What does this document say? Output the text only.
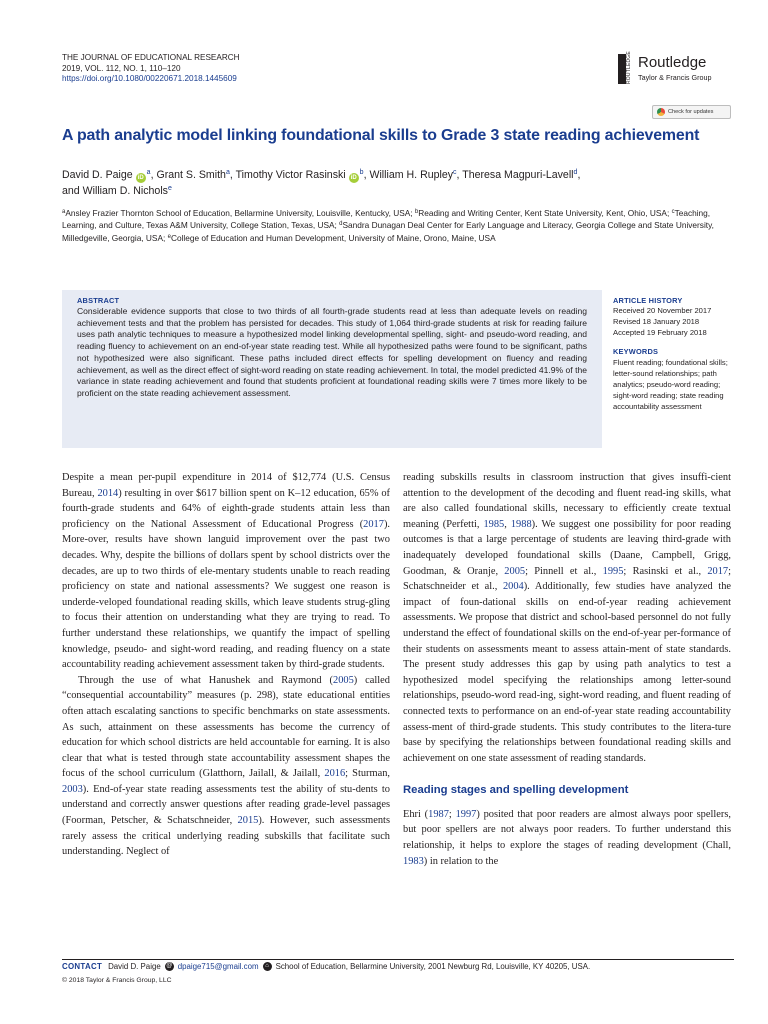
THE JOURNAL OF EDUCATIONAL RESEARCH
2019, VOL. 112, NO. 1, 110–120
https://doi.org/10.1080/00220671.2018.1445609	ROUTLEDGE Routledge
Taylor & Francis Group
Check for updates
A path analytic model linking foundational skills to Grade 3 state reading achievement
David D. Paige $iD^a$, Grant S. Smith$^a$, Timothy Victor Rasinski $iD^b$, William H. Rupley$^c$, Theresa Magpuri-Lavell$^d$,
and William D. Nichols$^e$
$^a$Ansley Frazier Thornton School of Education, Bellarmine University, Louisville, Kentucky, USA; $^b$Reading and Writing Center, Kent State University, Kent, Ohio, USA; $^c$Teaching, Learning, and Culture, Texas A&M University, College Station, Texas, USA; $^d$Sandra Dunagan Deal Center for Early Language and Literacy, Georgia College and State University, Milledgeville, Georgia, USA; $^e$College of Education and Human Development, University of Maine, Orono, Maine, USA
ABSTRACT
Considerable evidence supports that close to two thirds of all fourth-grade students read at less than adequate levels on reading achievement tests and that the problem has persisted for decades. This study of 1,064 third-grade students at risk for reading failure uses path analytic techniques to measure a hypothesized model linking developmental spelling, sight- and pseudo-word reading, and reading fluency to achievement on an end-of-year state reading test. While all hypothesized paths were found to be significant, paths not hypothesized were also significant. These paths included direct effects for spelling development on fluency and reading achievement, as well as the direct effect of sight-word reading on state reading achievement. In total, the model predicted 41.9% of the variance in state reading achievement and found that students proficient at foundational reading skills were 7 times more likely to be proficient on the state reading achievement assessment.
ARTICLE HISTORY
Received 20 November 2017
Revised 18 January 2018
Accepted 19 February 2018
KEYWORDS
Fluent reading; foundational skills; letter-sound relationships; path analytics; pseudo-word reading; sight-word reading; state reading accountability assessment

Despite a mean per-pupil expenditure in 2014 of $12,774 (U.S. Census Bureau, 2014) resulting in over $617 billion spent on K–12 education, 65% of fourth-grade students and 64% of eighth-grade students attain less than proficiency on the National Assessment of Educational Progress (2017). More-over, results have shown languid improvement over the past two decades. Why, despite the billions of dollars spent by school districts over the decades, are up to two thirds of ele-mentary students unable to reach reading proficiency on state and national assessments? We suggest one reason is underde-veloped foundational reading skills, which leave students strug-gling to focus their attention on understanding what they are trying to read. To further understand these relationships, we quantify the impact of spelling knowledge, pseudo- and sight-word reading, and reading fluency on a state accountability reading achievement assessment taken by third-grade students.

Through the use of what Hanushek and Raymond (2005) called “consequential accountability” measures (p. 298), state educational entities often attach escalating sanctions to specific benchmarks on state assessments. As such, attainment on these assessments has become the currency of education for which school districts are held accountable for earning. It is also clear that what is tested through state accountability assessment shapes the focus of the school curriculum (Glatthorn, Jailall, & Jailall, 2016; Sturman, 2003). End-of-year state reading assessments test the ability of stu-dents to understand and correctly answer questions after reading grade-level passages (Foorman, Petscher, & Schatschneider, 2015). However, such assessments rarely assess the critical underlying reading subskills that facilitate such understanding. Neglect of

reading subskills results in classroom instruction that gives insuffi-cient attention to the development of the decoding and fluent read-ing skills, what are also called foundational skills, necessary to efficiently create textual meaning (Perfetti, 1985, 1988). We suggest one possibility for poor reading outcomes is that a large percentage of students are leaving third-grade with inadequately developed foundational skills (Daane, Campbell, Grigg, Goodman, & Oranje, 2005; Pinnell et al., 1995; Rasinski et al., 2017; Schatschneider et al., 2004). Additionally, few studies have analyzed the impact of foun-dational skills on end-of-year reading achievement assessments. We propose that district and school-based personnel do not fully understand the effect of foundational skills on the end-of-year per-formance of their students on assessments meant to assess attain-ment of state standards. The present study addresses this gap by using path analytics to test a hypothesized model specifying the relationships among letter-sound relationships, pseudo-word read-ing, sight-word reading, and fluent reading of connected texts to performance on an end-of-year state reading accountability assess-ment of third-grade students. This study contributes to the litera-ture base by specifying the relationships between foundational reading skills and achievement on one state assessment of reading standards.

Reading stages and spelling development

Ehri (1987; 1997) posited that poor readers are almost always poor spellers, but poor spellers are not always poor readers. To further understand this relationship, it helps to explore the stages of reading development (Chall, 1983) in relation to the

CONTACT David D. Paige @ dpaige715@gmail.com	⌂ School of Education, Bellarmine University, 2001 Newburg Rd, Louisville, KY 40205, USA.
© 2018 Taylor & Francis Group, LLC
